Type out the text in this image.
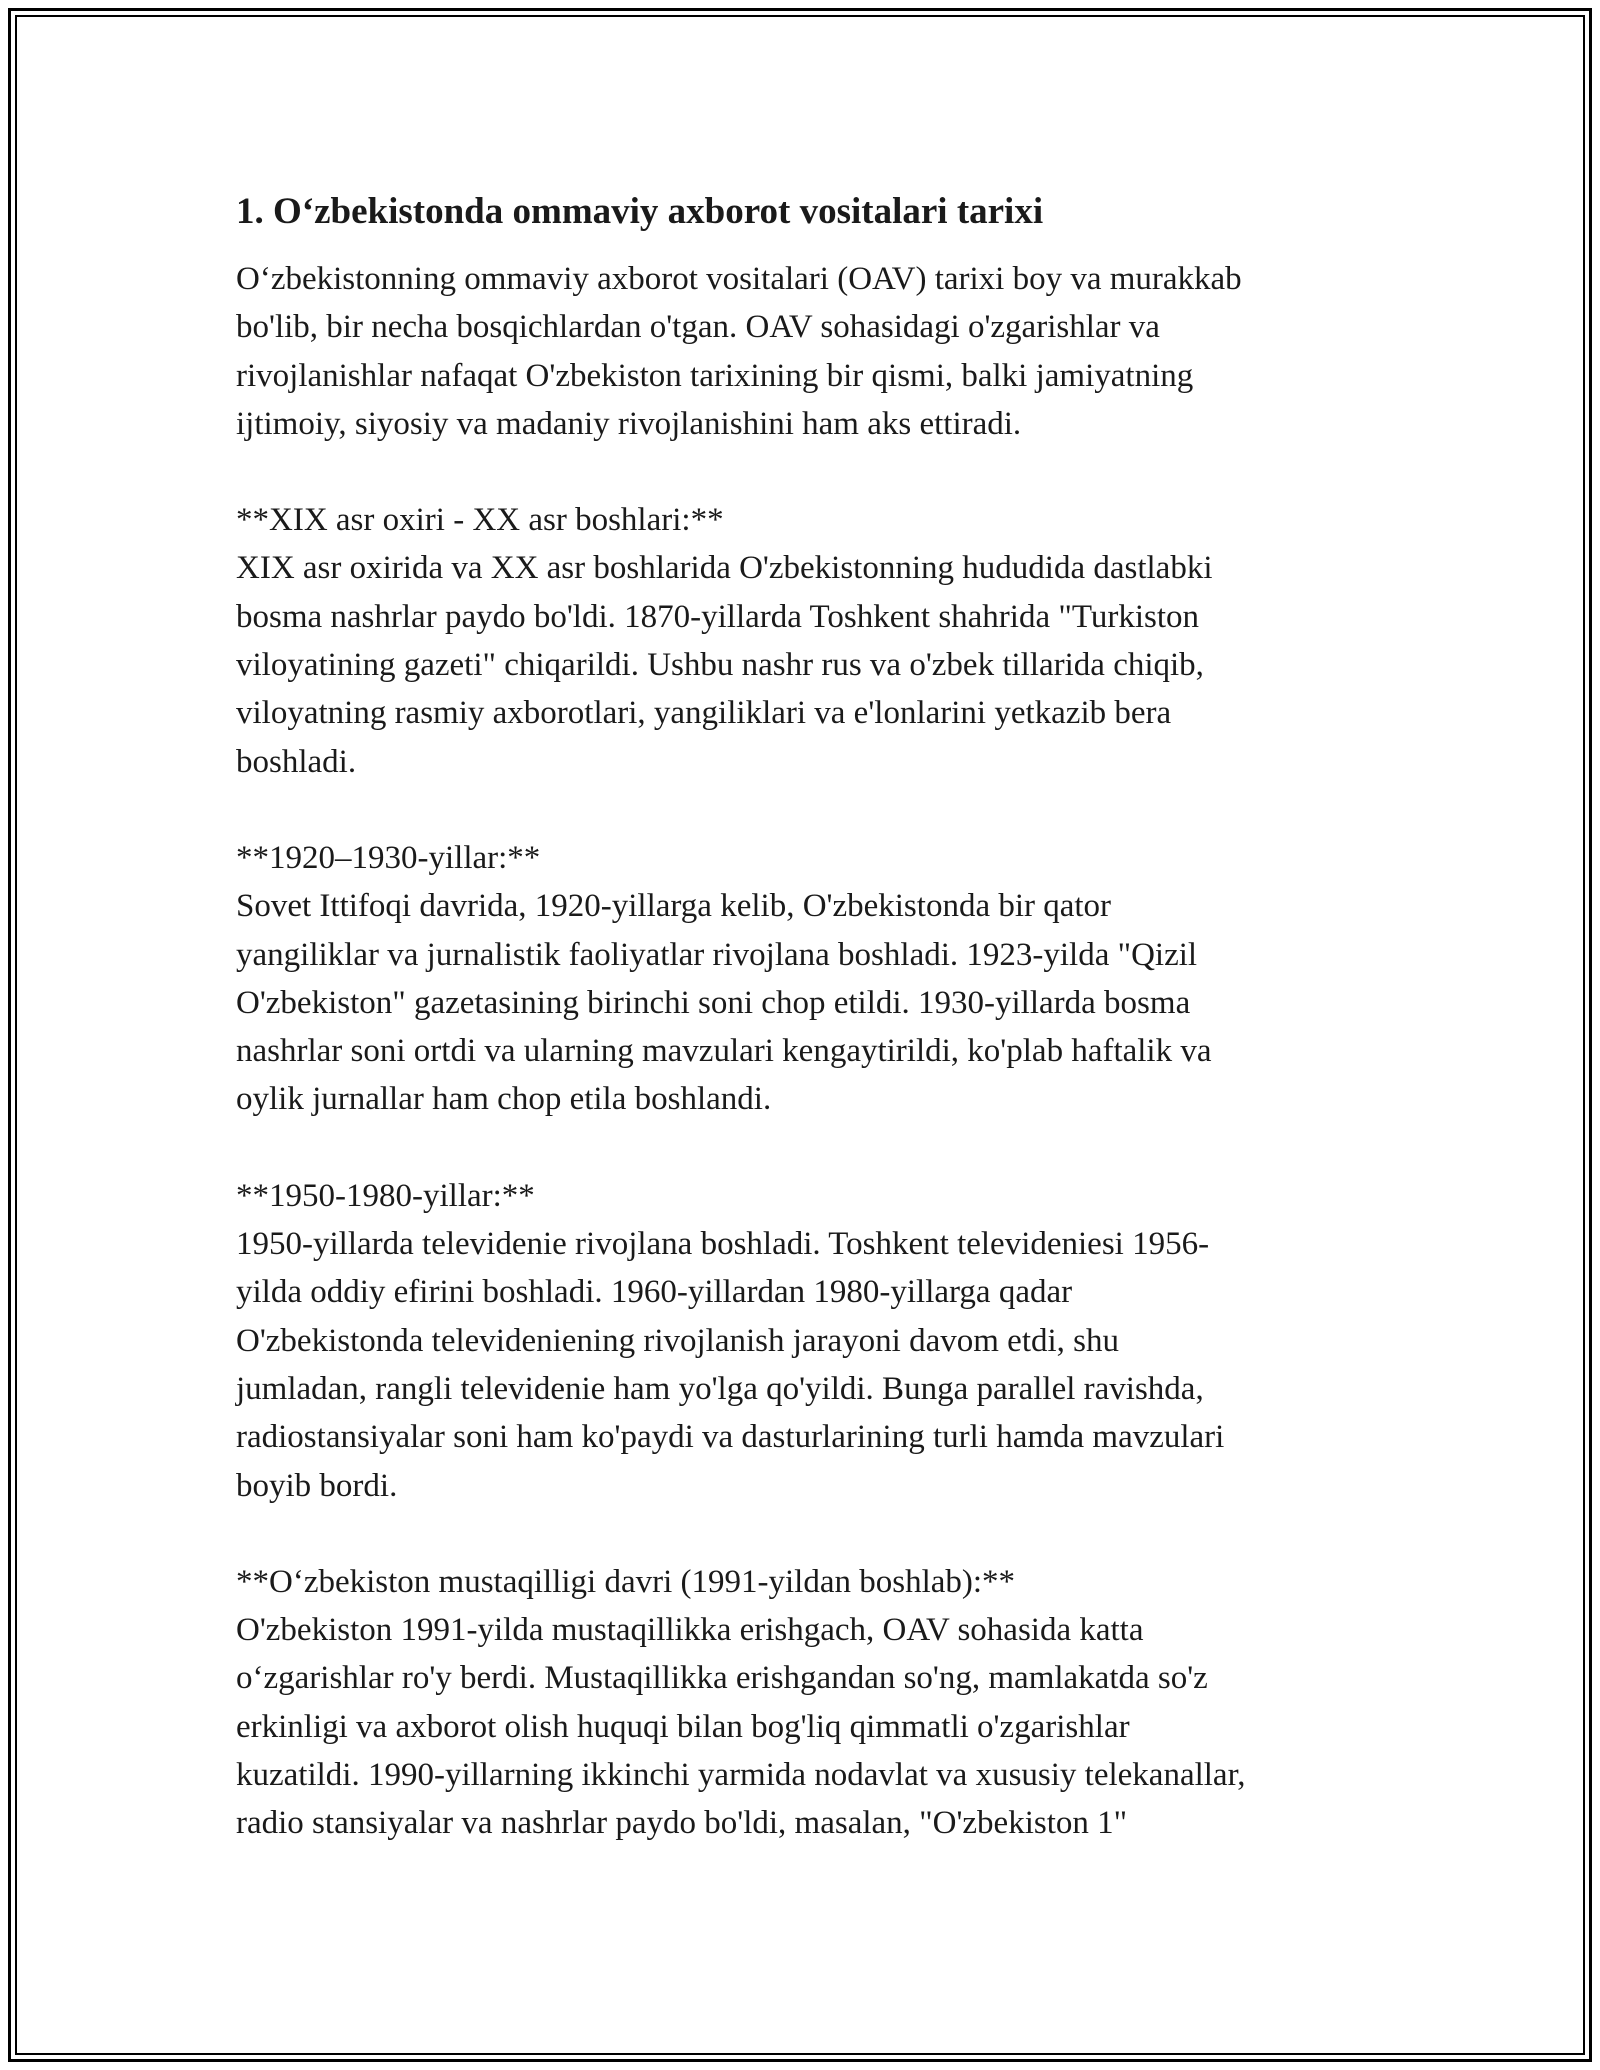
1. O‘zbekistonda ommaviy axborot vositalari tarixi
O‘zbekistonning ommaviy axborot vositalari (OAV) tarixi boy va murakkab
bo'lib, bir necha bosqichlardan o'tgan. OAV sohasidagi o'zgarishlar va
rivojlanishlar nafaqat O'zbekiston tarixining bir qismi, balki jamiyatning
ijtimoiy, siyosiy va madaniy rivojlanishini ham aks ettiradi.
**XIX asr oxiri - XX asr boshlari:**
XIX asr oxirida va XX asr boshlarida O'zbekistonning hududida dastlabki
bosma nashrlar paydo bo'ldi. 1870-yillarda Toshkent shahrida "Turkiston
viloyatining gazeti" chiqarildi. Ushbu nashr rus va o'zbek tillarida chiqib,
viloyatning rasmiy axborotlari, yangiliklari va e'lonlarini yetkazib bera
boshladi.
**1920–1930-yillar:**
Sovet Ittifoqi davrida, 1920-yillarga kelib, O'zbekistonda bir qator
yangiliklar va jurnalistik faoliyatlar rivojlana boshladi. 1923-yilda "Qizil
O'zbekiston" gazetasining birinchi soni chop etildi. 1930-yillarda bosma
nashrlar soni ortdi va ularning mavzulari kengaytirildi, ko'plab haftalik va
oylik jurnallar ham chop etila boshlandi.
**1950-1980-yillar:**
1950-yillarda televidenie rivojlana boshladi. Toshkent televideniesi 1956-
yilda oddiy efirini boshladi. 1960-yillardan 1980-yillarga qadar
O'zbekistonda televideniening rivojlanish jarayoni davom etdi, shu
jumladan, rangli televidenie ham yo'lga qo'yildi. Bunga parallel ravishda,
radiostansiyalar soni ham ko'paydi va dasturlarining turli hamda mavzulari
boyib bordi.
**O‘zbekiston mustaqilligi davri (1991-yildan boshlab):**
O'zbekiston 1991-yilda mustaqillikka erishgach, OAV sohasida katta
o‘zgarishlar ro'y berdi. Mustaqillikka erishgandan so'ng, mamlakatda so'z
erkinligi va axborot olish huquqi bilan bog'liq qimmatli o'zgarishlar
kuzatildi. 1990-yillarning ikkinchi yarmida nodavlat va xususiy telekanallar,
radio stansiyalar va nashrlar paydo bo'ldi, masalan, "O'zbekiston 1"
